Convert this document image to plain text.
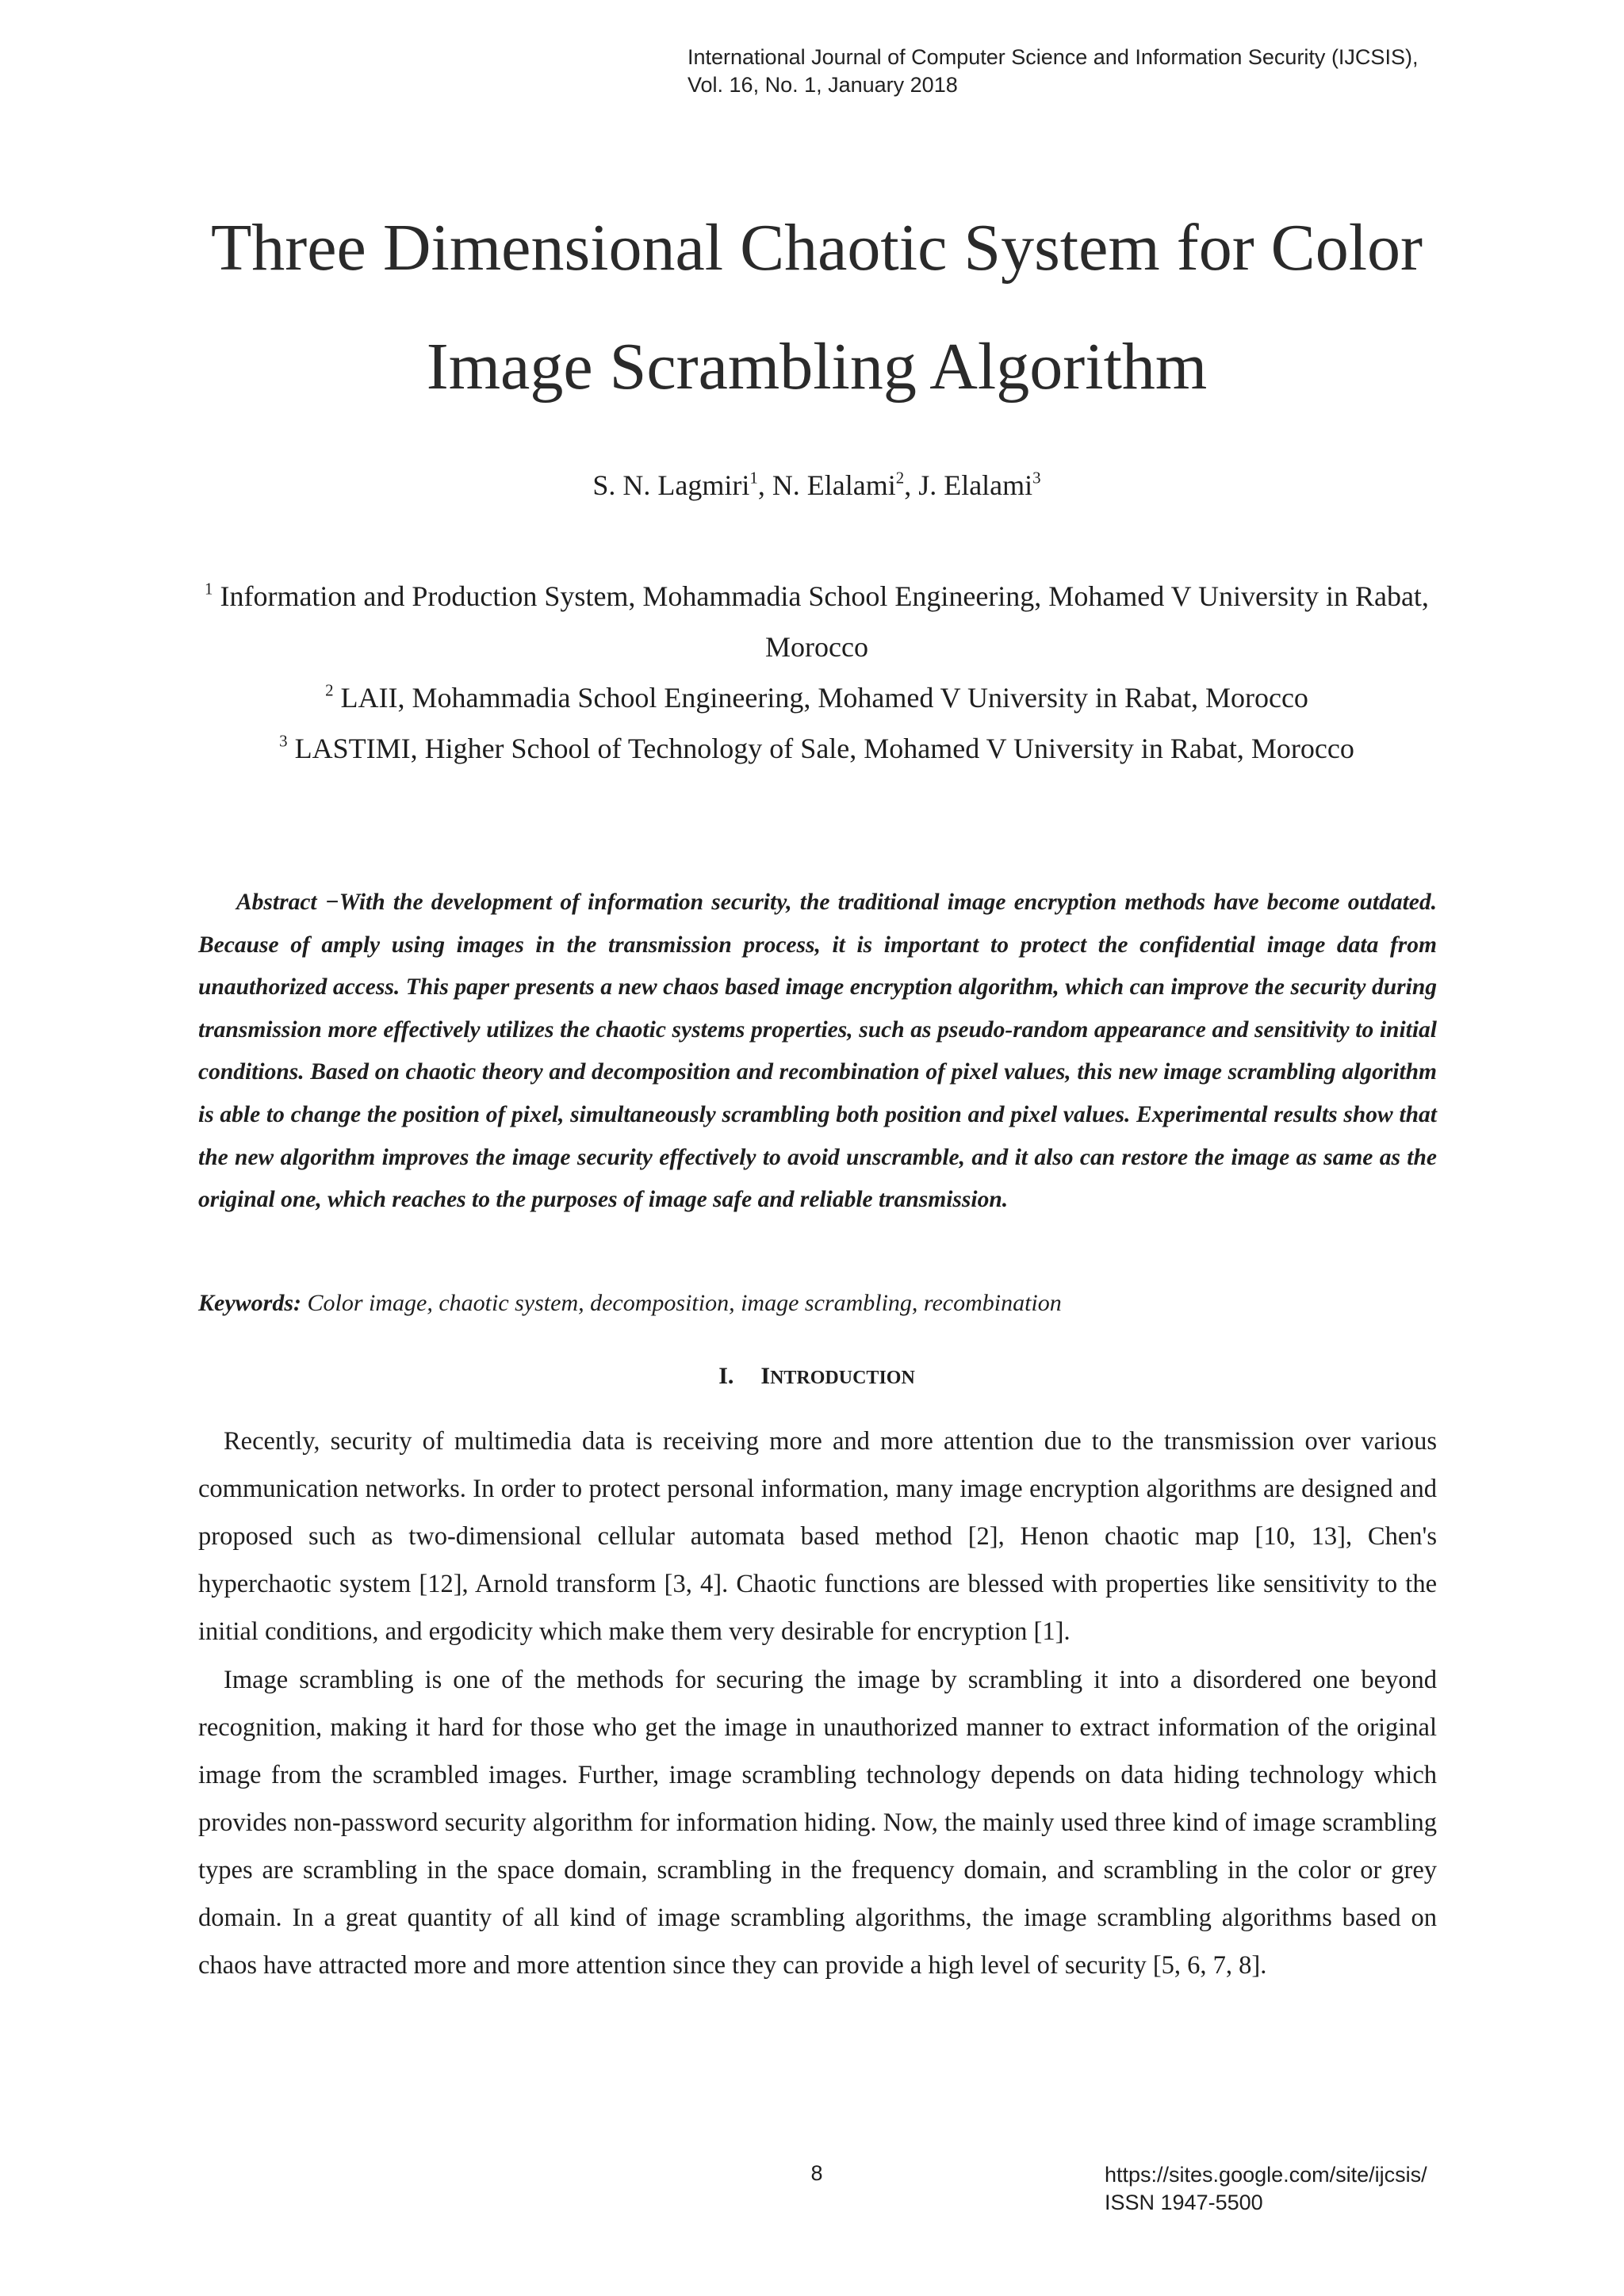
International Journal of Computer Science and Information Security (IJCSIS),
Vol. 16, No. 1, January 2018
Three Dimensional Chaotic System for Color
Image Scrambling Algorithm
S. N. Lagmiri$^1$, N. Elalami$^2$, J. Elalami$^3$
$^1$ Information and Production System, Mohammadia School Engineering, Mohamed V University in Rabat, Morocco
$^2$ LAII, Mohammadia School Engineering, Mohamed V University in Rabat, Morocco
$^3$ LASTIMI, Higher School of Technology of Sale, Mohamed V University in Rabat, Morocco

Abstract −With the development of information security, the traditional image encryption methods have become outdated. Because of amply using images in the transmission process, it is important to protect the confidential image data from unauthorized access. This paper presents a new chaos based image encryption algorithm, which can improve the security during transmission more effectively utilizes the chaotic systems properties, such as pseudo-random appearance and sensitivity to initial conditions. Based on chaotic theory and decomposition and recombination of pixel values, this new image scrambling algorithm is able to change the position of pixel, simultaneously scrambling both position and pixel values. Experimental results show that the new algorithm improves the image security effectively to avoid unscramble, and it also can restore the image as same as the original one, which reaches to the purposes of image safe and reliable transmission.

Keywords: Color image, chaotic system, decomposition, image scrambling, recombination

I. INTRODUCTION

Recently, security of multimedia data is receiving more and more attention due to the transmission over various communication networks. In order to protect personal information, many image encryption algorithms are designed and proposed such as two-dimensional cellular automata based method [2], Henon chaotic map [10, 13], Chen's hyperchaotic system [12], Arnold transform [3, 4]. Chaotic functions are blessed with properties like sensitivity to the initial conditions, and ergodicity which make them very desirable for encryption [1].

Image scrambling is one of the methods for securing the image by scrambling it into a disordered one beyond recognition, making it hard for those who get the image in unauthorized manner to extract information of the original image from the scrambled images. Further, image scrambling technology depends on data hiding technology which provides non-password security algorithm for information hiding. Now, the mainly used three kind of image scrambling types are scrambling in the space domain, scrambling in the frequency domain, and scrambling in the color or grey domain. In a great quantity of all kind of image scrambling algorithms, the image scrambling algorithms based on chaos have attracted more and more attention since they can provide a high level of security [5, 6, 7, 8].

8	https://sites.google.com/site/ijcsis/
ISSN 1947-5500
